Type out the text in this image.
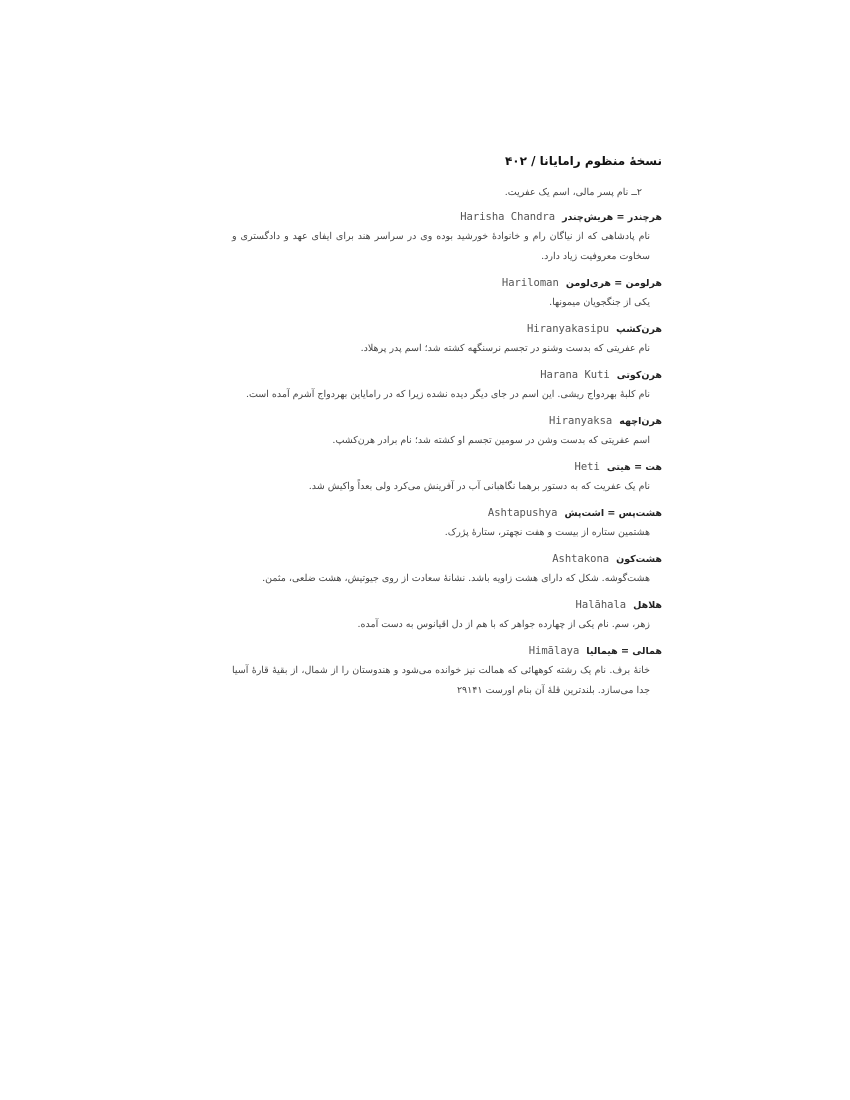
نسخهٔ منظوم رامایانا / ۴۰۲

۲ــ نام پسر مالی، اسم یک عفریت.

هرچندر = هریش‌چندرHarisha Chandra

نام پادشاهی که از نیاگان رام و خانوادهٔ خورشید بوده وی در سراسر هند برای ایفای عهد و دادگستری و سخاوت معروفیت زیاد دارد.

هرلومن = هری‌لومنHariloman

یکی از جنگجویان میمونها.

هرن‌کشپHiranyakasipu

نام عفریتی که بدست وشنو در تجسم نرسنگهه کشته شد؛ اسم پدر پرهلاد.

هرن‌کوتیHarana Kuti

نام کلبهٔ بهردواج ریشی. این اسم در جای دیگر دیده نشده زیرا که در رامایاین بهردواج آشرم آمده است.

هرن‌اچههHiranyaksa

اسم عفریتی که بدست وشن در سومین تجسم او کشته شد؛ نام برادر هرن‌کشپ.

هت = هیتیHeti

نام یک عفریت که به دستور برهما نگاهبانی آب در آفرینش می‌کرد ولی بعداً واکیش شد.

هشت‌پس = اشت‌پشAshtapushya

هشتمین ستاره از بیست و هفت نچهتر، ستارهٔ پژرک.

هشت‌کونAshtakona

هشت‌گوشه. شکل که دارای هشت زاویه باشد. نشانهٔ سعادت از روی جیوتیش، هشت ضلعی، مثمن.

هلاهلHalāhala

زهر، سم. نام یکی از چهارده جواهر که با هم از دل اقیانوس به دست آمده.

همالی = هیمالیاHimālaya

خانهٔ برف. نام یک رشته کوههائی که همالت نیز خوانده می‌شود و هندوستان را از شمال، از بقیهٔ قارهٔ آسیا جدا می‌سازد. بلندترین قلهٔ آن بنام اورست ۲۹۱۴۱
